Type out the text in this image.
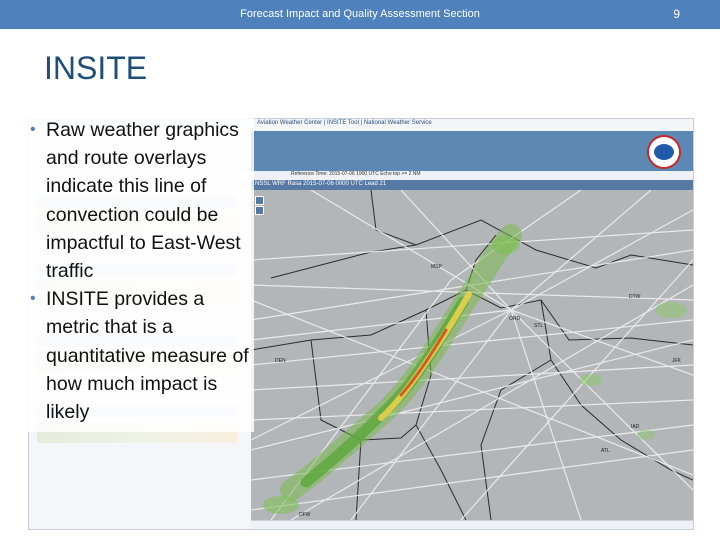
Forecast Impact and Quality Assessment Section	9
INSITE
Aviation Weather Center | INSITE Tool | National Weather Service
Reference Time: 2015-07-06 1900 UTC Echo top >= 2 NM
NSSL WRF Rasa 2015-07-06 0000 UTC Lead 21
MSP
ORD
DEN
STL
DTW
DFW
ATL
IAD
JFK

• Raw weather graphics and route overlays indicate this line of convection could be impactful to East-West traffic

• INSITE provides a metric that is a quantitative measure of how much impact is likely
